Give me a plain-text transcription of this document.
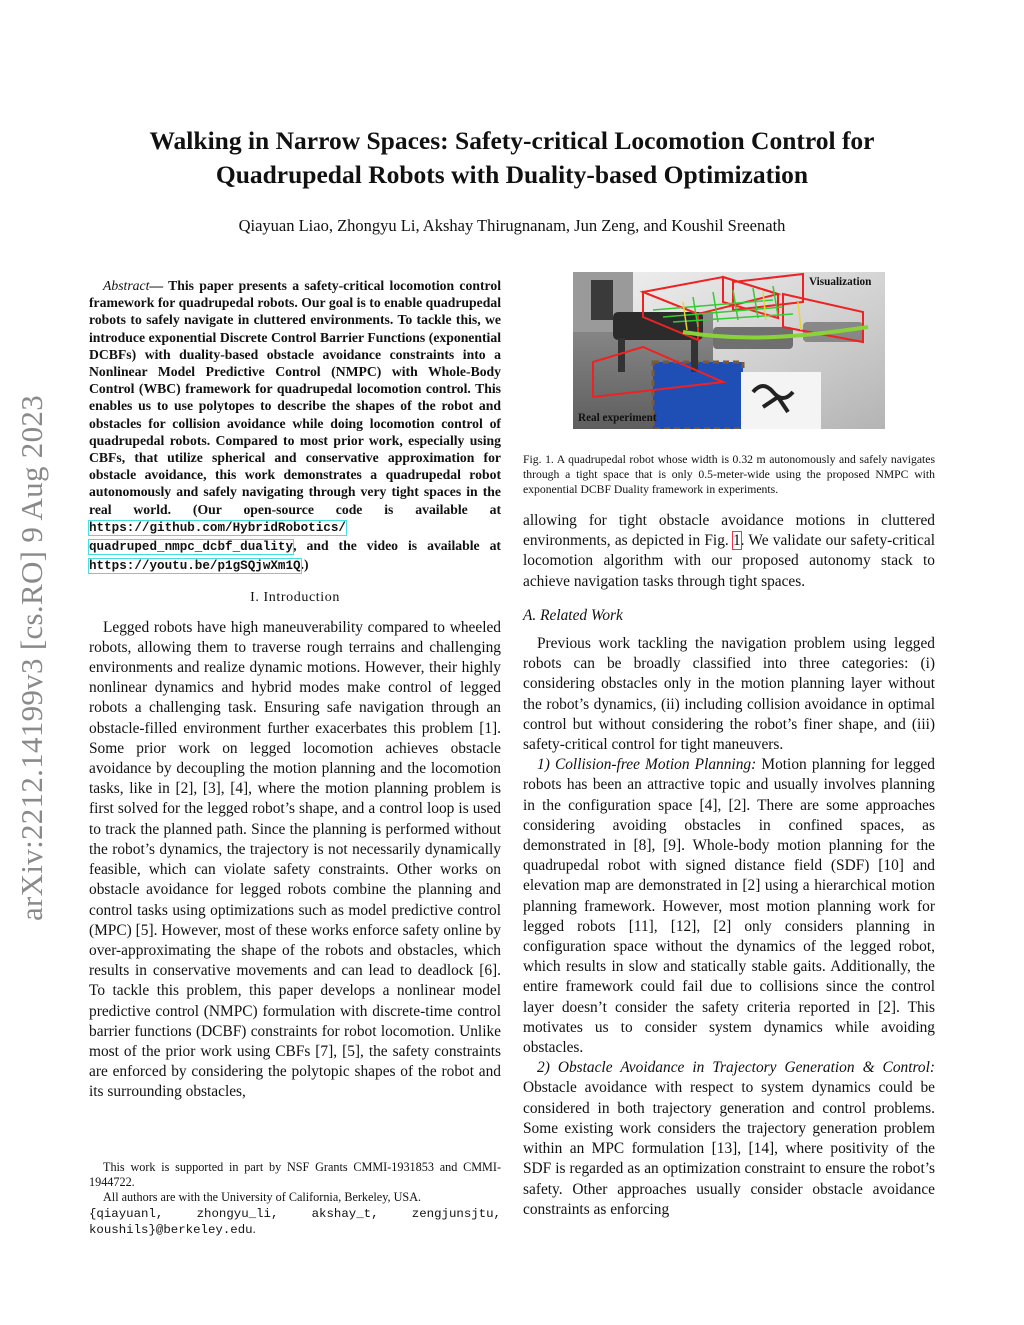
arXiv:2212.14199v3 [cs.RO] 9 Aug 2023
Walking in Narrow Spaces: Safety-critical Locomotion Control for
Quadrupedal Robots with Duality-based Optimization
Qiayuan Liao, Zhongyu Li, Akshay Thirugnanam, Jun Zeng, and Koushil Sreenath

Abstract— This paper presents a safety-critical locomotion control framework for quadrupedal robots. Our goal is to enable quadrupedal robots to safely navigate in cluttered environments. To tackle this, we introduce exponential Discrete Control Barrier Functions (exponential DCBFs) with duality-based obstacle avoidance constraints into a Nonlinear Model Predictive Control (NMPC) with Whole-Body Control (WBC) framework for quadrupedal locomotion control. This enables us to use polytopes to describe the shapes of the robot and obstacles for collision avoidance while doing locomotion control of quadrupedal robots. Compared to most prior work, especially using CBFs, that utilize spherical and conservative approximation for obstacle avoidance, this work demonstrates a quadrupedal robot autonomously and safely navigating through very tight spaces in the real world. (Our open-source code is available at https://github.com/HybridRobotics/ quadruped_nmpc_dcbf_duality, and the video is available at https://youtu.be/p1gSQjwXm1Q.)

I. Introduction

Legged robots have high maneuverability compared to wheeled robots, allowing them to traverse rough terrains and challenging environments and realize dynamic motions. However, their highly nonlinear dynamics and hybrid modes make control of legged robots a challenging task. Ensuring safe navigation through an obstacle-filled environment further exacerbates this problem [1]. Some prior work on legged locomotion achieves obstacle avoidance by decoupling the motion planning and the locomotion tasks, like in [2], [3], [4], where the motion planning problem is first solved for the legged robot’s shape, and a control loop is used to track the planned path. Since the planning is performed without the robot’s dynamics, the trajectory is not necessarily dynamically feasible, which can violate safety constraints. Other works on obstacle avoidance for legged robots combine the planning and control tasks using optimizations such as model predictive control (MPC) [5]. However, most of these works enforce safety online by over-approximating the shape of the robots and obstacles, which results in conservative movements and can lead to deadlock [6]. To tackle this problem, this paper develops a nonlinear model predictive control (NMPC) formulation with discrete-time control barrier functions (DCBF) constraints for robot locomotion. Unlike most of the prior work using CBFs [7], [5], the safety constraints are enforced by considering the polytopic shapes of the robot and its surrounding obstacles,

This work is supported in part by NSF Grants CMMI-1931853 and CMMI-1944722.

All authors are with the University of California, Berkeley, USA.

{qiayuanl, zhongyu_li, akshay_t, zengjunsjtu, koushils}@berkeley.edu.

Visualization
Real experiment
Fig. 1. A quadrupedal robot whose width is 0.32 m autonomously and safely navigates through a tight space that is only 0.5-meter-wide using the proposed NMPC with exponential DCBF Duality framework in experiments.

allowing for tight obstacle avoidance motions in cluttered environments, as depicted in Fig. 1. We validate our safety-critical locomotion algorithm with our proposed autonomy stack to achieve navigation tasks through tight spaces.

A. Related Work

Previous work tackling the navigation problem using legged robots can be broadly classified into three categories: (i) considering obstacles only in the motion planning layer without the robot’s dynamics, (ii) including collision avoidance in optimal control but without considering the robot’s finer shape, and (iii) safety-critical control for tight maneuvers.

1) Collision-free Motion Planning: Motion planning for legged robots has been an attractive topic and usually involves planning in the configuration space [4], [2]. There are some approaches considering avoiding obstacles in confined spaces, as demonstrated in [8], [9]. Whole-body motion planning for the quadrupedal robot with signed distance field (SDF) [10] and elevation map are demonstrated in [2] using a hierarchical motion planning framework. However, most motion planning work for legged robots [11], [12], [2] only considers planning in configuration space without the dynamics of the legged robot, which results in slow and statically stable gaits. Additionally, the entire framework could fail due to collisions since the control layer doesn’t consider the safety criteria reported in [2]. This motivates us to consider system dynamics while avoiding obstacles.

2) Obstacle Avoidance in Trajectory Generation & Control: Obstacle avoidance with respect to system dynamics could be considered in both trajectory generation and control problems. Some existing work considers the trajectory generation problem within an MPC formulation [13], [14], where positivity of the SDF is regarded as an optimization constraint to ensure the robot’s safety. Other approaches usually consider obstacle avoidance constraints as enforcing
